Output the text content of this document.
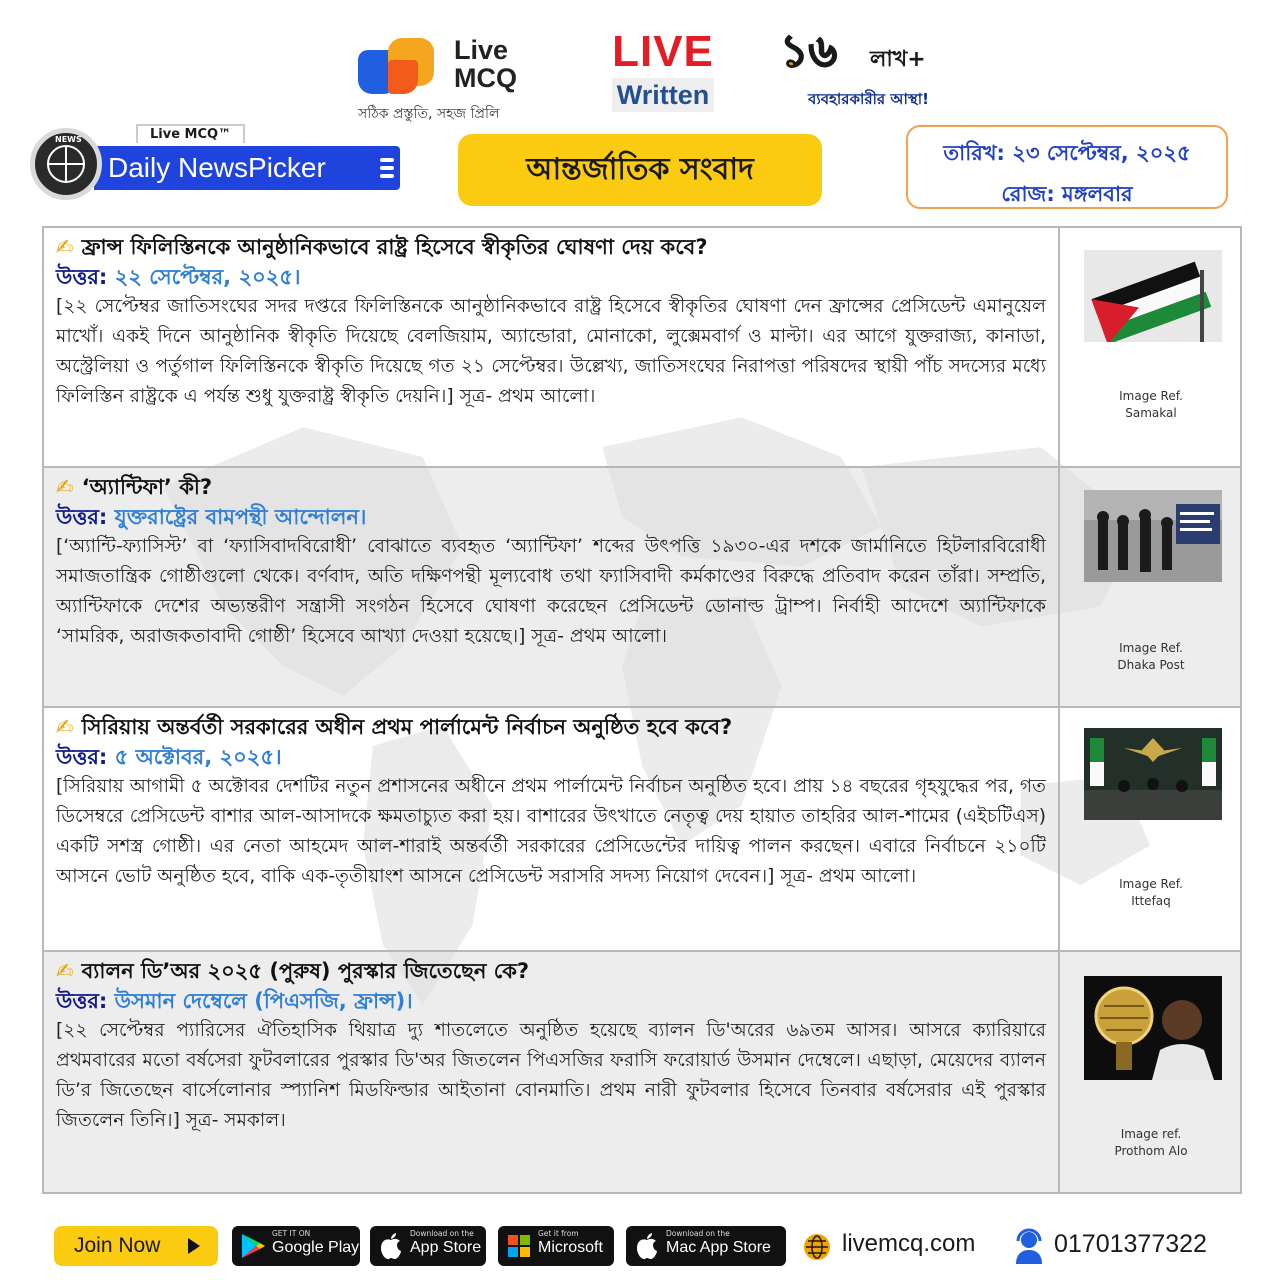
Live MCQ
সঠিক প্রস্তুতি, সহজ প্রিলি
LIVE
Written
১৬	লাখ+
ব্যবহারকারীর আস্থা!
Daily NewsPicker
Live MCQ™
NEWS
আন্তর্জাতিক সংবাদ	তারিখ: ২৩ সেপ্টেম্বর, ২০২৫
রোজ: মঙ্গলবার
✍ ফ্রান্স ফিলিস্তিনকে আনুষ্ঠানিকভাবে রাষ্ট্র হিসেবে স্বীকৃতির ঘোষণা দেয় কবে?
উত্তর: ২২ সেপ্টেম্বর, ২০২৫।
[২২ সেপ্টেম্বর জাতিসংঘের সদর দপ্তরে ফিলিস্তিনকে আনুষ্ঠানিকভাবে রাষ্ট্র হিসেবে স্বীকৃতির ঘোষণা দেন ফ্রান্সের প্রেসিডেন্ট এমানুয়েল মাখোঁ। একই দিনে আনুষ্ঠানিক স্বীকৃতি দিয়েছে বেলজিয়াম, অ্যান্ডোরা, মোনাকো, লুক্সেমবার্গ ও মাল্টা। এর আগে যুক্তরাজ্য, কানাডা, অস্ট্রেলিয়া ও পর্তুগাল ফিলিস্তিনকে স্বীকৃতি দিয়েছে গত ২১ সেপ্টেম্বর। উল্লেখ্য, জাতিসংঘের নিরাপত্তা পরিষদের স্থায়ী পাঁচ সদস্যের মধ্যে ফিলিস্তিন রাষ্ট্রকে এ পর্যন্ত শুধু যুক্তরাষ্ট্র স্বীকৃতি দেয়নি।] সূত্র- প্রথম আলো।	Image Ref.
Samakal
✍ ‘অ্যান্টিফা’ কী?
উত্তর: যুক্তরাষ্ট্রের বামপন্থী আন্দোলন।
[‘অ্যান্টি-ফ্যাসিস্ট’ বা ‘ফ্যাসিবাদবিরোধী’ বোঝাতে ব্যবহৃত ‘অ্যান্টিফা’ শব্দের উৎপত্তি ১৯৩০-এর দশকে জার্মানিতে হিটলারবিরোধী সমাজতান্ত্রিক গোষ্ঠীগুলো থেকে। বর্ণবাদ, অতি দক্ষিণপন্থী মূল্যবোধ তথা ফ্যাসিবাদী কর্মকাণ্ডের বিরুদ্ধে প্রতিবাদ করেন তাঁরা। সম্প্রতি, অ্যান্টিফাকে দেশের অভ্যন্তরীণ সন্ত্রাসী সংগঠন হিসেবে ঘোষণা করেছেন প্রেসিডেন্ট ডোনাল্ড ট্রাম্প। নির্বাহী আদেশে অ্যান্টিফাকে ‘সামরিক, অরাজকতাবাদী গোষ্ঠী’ হিসেবে আখ্যা দেওয়া হয়েছে।] সূত্র- প্রথম আলো।
Image Ref.
Dhaka Post
✍ সিরিয়ায় অন্তর্বর্তী সরকারের অধীন প্রথম পার্লামেন্ট নির্বাচন অনুষ্ঠিত হবে কবে?
উত্তর: ৫ অক্টোবর, ২০২৫।
[সিরিয়ায় আগামী ৫ অক্টোবর দেশটির নতুন প্রশাসনের অধীনে প্রথম পার্লামেন্ট নির্বাচন অনুষ্ঠিত হবে। প্রায় ১৪ বছরের গৃহযুদ্ধের পর, গত ডিসেম্বরে প্রেসিডেন্ট বাশার আল-আসাদকে ক্ষমতাচ্যুত করা হয়। বাশারের উৎখাতে নেতৃত্ব দেয় হায়াত তাহরির আল-শামের (এইচটিএস) একটি সশস্ত্র গোষ্ঠী। এর নেতা আহমেদ আল-শারাই অন্তর্বর্তী সরকারের প্রেসিডেন্টের দায়িত্ব পালন করছেন। এবারে নির্বাচনে ২১০টি আসনে ভোট অনুষ্ঠিত হবে, বাকি এক-তৃতীয়াংশ আসনে প্রেসিডেন্ট সরাসরি সদস্য নিয়োগ দেবেন।] সূত্র- প্রথম আলো।	Image Ref.
Ittefaq
✍ ব্যালন ডি’অর ২০২৫ (পুরুষ) পুরস্কার জিতেছেন কে?
উত্তর: উসমান দেম্বেলে (পিএসজি, ফ্রান্স)।
[২২ সেপ্টেম্বর প্যারিসের ঐতিহাসিক থিয়াত্র দ্যু শাতলেতে অনুষ্ঠিত হয়েছে ব্যালন ডি'অরের ৬৯তম আসর। আসরে ক্যারিয়ারে প্রথমবারের মতো বর্ষসেরা ফুটবলারের পুরস্কার ডি'অর জিতলেন পিএসজির ফরাসি ফরোয়ার্ড উসমান দেম্বেলে। এছাড়া, মেয়েদের ব্যালন ডি’র জিতেছেন বার্সেলোনার স্প্যানিশ মিডফিল্ডার আইতানা বোনমাতি। প্রথম নারী ফুটবলার হিসেবে তিনবার বর্ষসেরার এই পুরস্কার জিতলেন তিনি।] সূত্র- সমকাল।
Image ref.
Prothom Alo
Join Now
GET IT ON
Google Play
Download on the
App Store
Get it from
Microsoft
Download on the
Mac App Store	livemcq.com	01701377322
